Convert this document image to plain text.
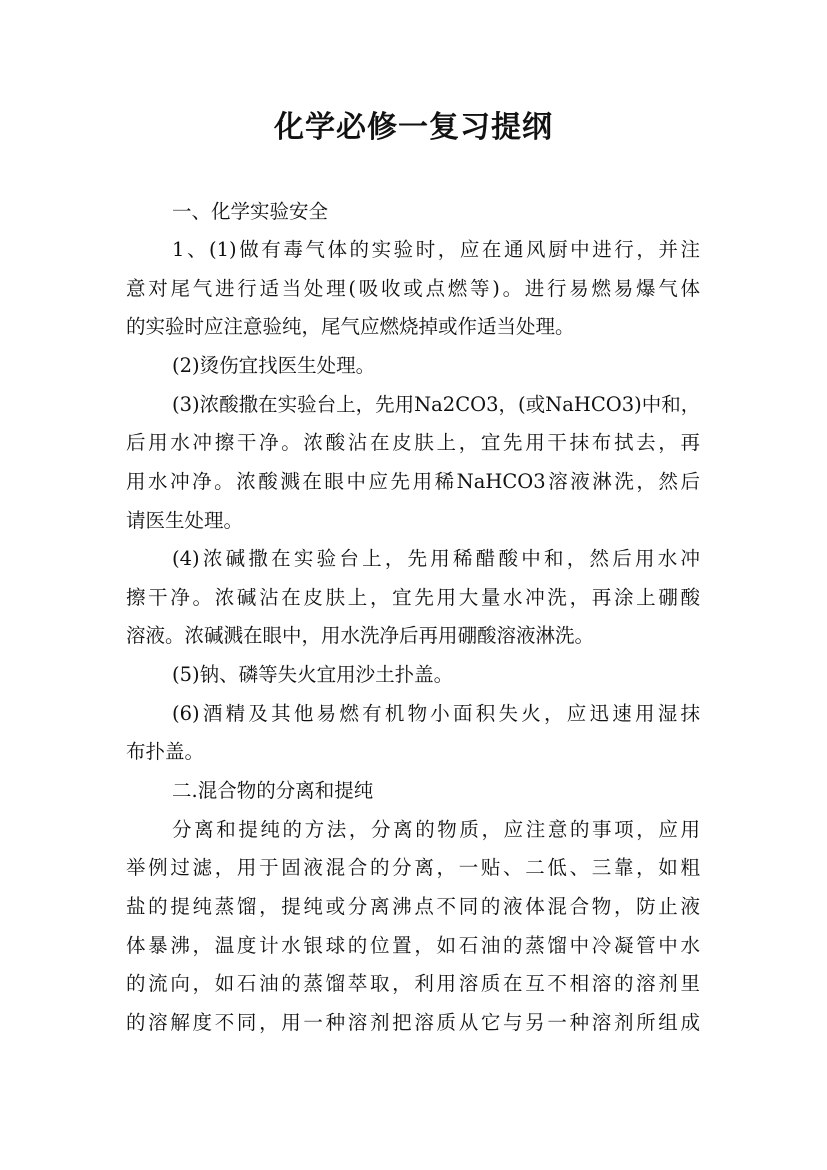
化学必修一复习提纲

一、化学实验安全

1、(1)做有毒气体的实验时，应在通风厨中进行，并注

意对尾气进行适当处理(吸收或点燃等)。进行易燃易爆气体

的实验时应注意验纯，尾气应燃烧掉或作适当处理。

(2)烫伤宜找医生处理。

(3)浓酸撒在实验台上，先用Na2CO3，(或NaHCO3)中和，

后用水冲擦干净。浓酸沾在皮肤上，宜先用干抹布拭去，再

用水冲净。浓酸溅在眼中应先用稀NaHCO3溶液淋洗，然后

请医生处理。

(4)浓碱撒在实验台上，先用稀醋酸中和，然后用水冲

擦干净。浓碱沾在皮肤上，宜先用大量水冲洗，再涂上硼酸

溶液。浓碱溅在眼中，用水洗净后再用硼酸溶液淋洗。

(5)钠、磷等失火宜用沙土扑盖。

(6)酒精及其他易燃有机物小面积失火，应迅速用湿抹

布扑盖。

二.混合物的分离和提纯

分离和提纯的方法，分离的物质，应注意的事项，应用

举例过滤，用于固液混合的分离，一贴、二低、三靠，如粗

盐的提纯蒸馏，提纯或分离沸点不同的液体混合物，防止液

体暴沸，温度计水银球的位置，如石油的蒸馏中冷凝管中水

的流向，如石油的蒸馏萃取，利用溶质在互不相溶的溶剂里

的溶解度不同，用一种溶剂把溶质从它与另一种溶剂所组成
